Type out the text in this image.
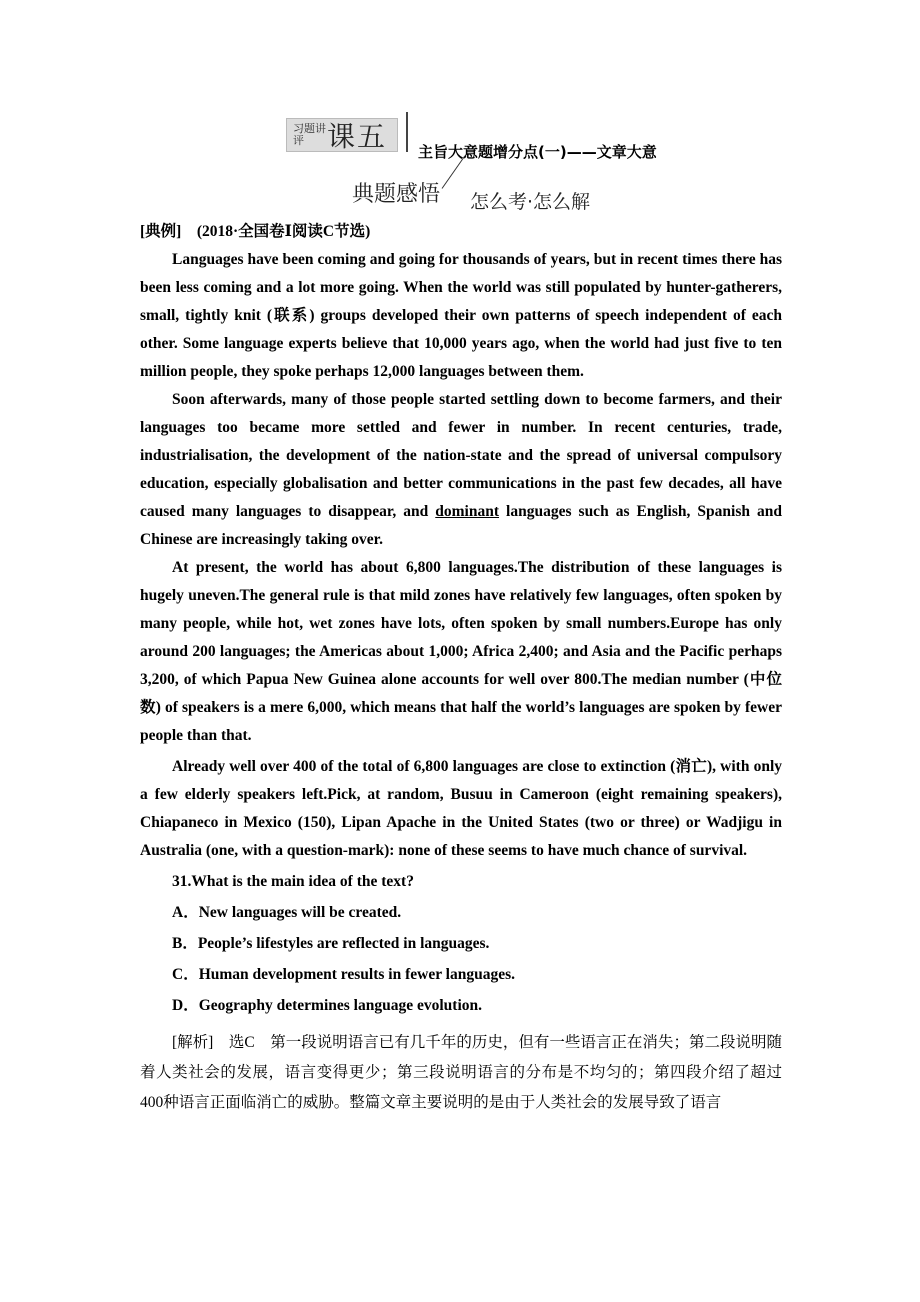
习题讲评 课五 主旨大意题增分点(一)——文章大意
典题感悟 怎么考·怎么解

[典例]　(2018·全国卷Ⅰ阅读C节选)

Languages have been coming and going for thousands of years, but in recent times there has been less coming and a lot more going. When the world was still populated by hunter-gatherers, small, tightly knit (联系) groups developed their own patterns of speech independent of each other. Some language experts believe that 10,000 years ago, when the world had just five to ten million people, they spoke perhaps 12,000 languages between them.

Soon afterwards, many of those people started settling down to become farmers, and their languages too became more settled and fewer in number. In recent centuries, trade, industrialisation, the development of the nation-state and the spread of universal compulsory education, especially globalisation and better communications in the past few decades, all have caused many languages to disappear, and dominant languages such as English, Spanish and Chinese are increasingly taking over.

At present, the world has about 6,800 languages.The distribution of these languages is hugely uneven.The general rule is that mild zones have relatively few languages, often spoken by many people, while hot, wet zones have lots, often spoken by small numbers.Europe has only around 200 languages; the Americas about 1,000; Africa 2,400; and Asia and the Pacific perhaps 3,200, of which Papua New Guinea alone accounts for well over 800.The median number (中位数) of speakers is a mere 6,000, which means that half the world’s languages are spoken by fewer people than that.

Already well over 400 of the total of 6,800 languages are close to extinction (消亡), with only a few elderly speakers left.Pick, at random, Busuu in Cameroon (eight remaining speakers), Chiapaneco in Mexico (150), Lipan Apache in the United States (two or three) or Wadjigu in Australia (one, with a question-mark): none of these seems to have much chance of survival.

31.What is the main idea of the text?

A．New languages will be created.

B．People’s lifestyles are reflected in languages.

C．Human development results in fewer languages.

D．Geography determines language evolution.

[解析]　选C　第一段说明语言已有几千年的历史，但有一些语言正在消失；第二段说明随着人类社会的发展，语言变得更少；第三段说明语言的分布是不均匀的；第四段介绍了超过400种语言正面临消亡的威胁。整篇文章主要说明的是由于人类社会的发展导致了语言
